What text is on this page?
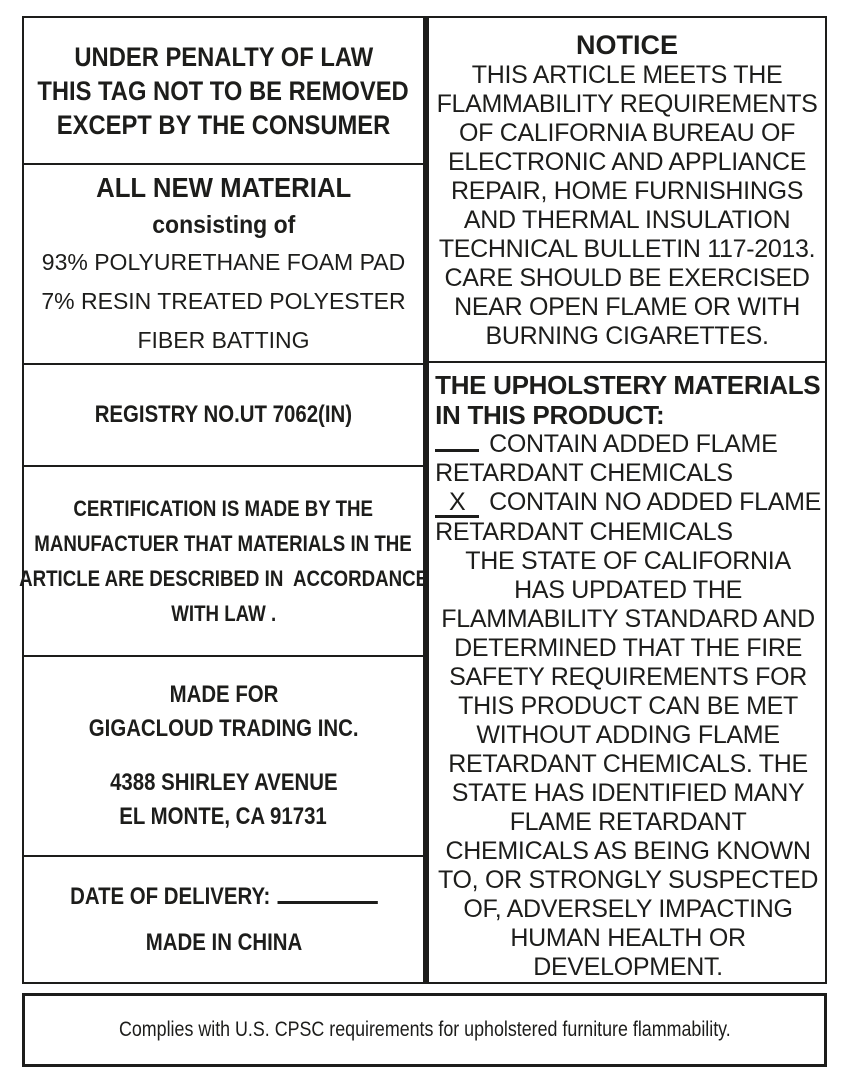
UNDER PENALTY OF LAW
THIS TAG NOT TO BE REMOVED
EXCEPT BY THE CONSUMER
ALL NEW MATERIAL
consisting of
93% POLYURETHANE FOAM PAD
7% RESIN TREATED POLYESTER
FIBER BATTING
REGISTRY NO.UT 7062(IN)
CERTIFICATION IS MADE BY THE
MANUFACTUER THAT MATERIALS IN THE
ARTICLE ARE DESCRIBED IN  ACCORDANCE
WITH LAW .
MADE FOR
GIGACLOUD TRADING INC.
4388 SHIRLEY AVENUE
EL MONTE, CA 91731
DATE OF DELIVERY:
MADE IN CHINA
NOTICE
THIS ARTICLE MEETS THE
FLAMMABILITY REQUIREMENTS
OF CALIFORNIA BUREAU OF
ELECTRONIC AND APPLIANCE
REPAIR, HOME FURNISHINGS
AND THERMAL INSULATION
TECHNICAL BULLETIN 117-2013.
CARE SHOULD BE EXERCISED
NEAR OPEN FLAME OR WITH
BURNING CIGARETTES.
THE UPHOLSTERY MATERIALS
IN THIS PRODUCT:
CONTAIN ADDED FLAME
RETARDANT CHEMICALS
X CONTAIN NO ADDED FLAME
RETARDANT CHEMICALS
THE STATE OF CALIFORNIA
HAS UPDATED THE
FLAMMABILITY STANDARD AND
DETERMINED THAT THE FIRE
SAFETY REQUIREMENTS FOR
THIS PRODUCT CAN BE MET
WITHOUT ADDING FLAME
RETARDANT CHEMICALS. THE
STATE HAS IDENTIFIED MANY
FLAME RETARDANT
CHEMICALS AS BEING KNOWN
TO, OR STRONGLY SUSPECTED
OF, ADVERSELY IMPACTING
HUMAN HEALTH OR
DEVELOPMENT.
Complies with U.S. CPSC requirements for upholstered furniture flammability.
